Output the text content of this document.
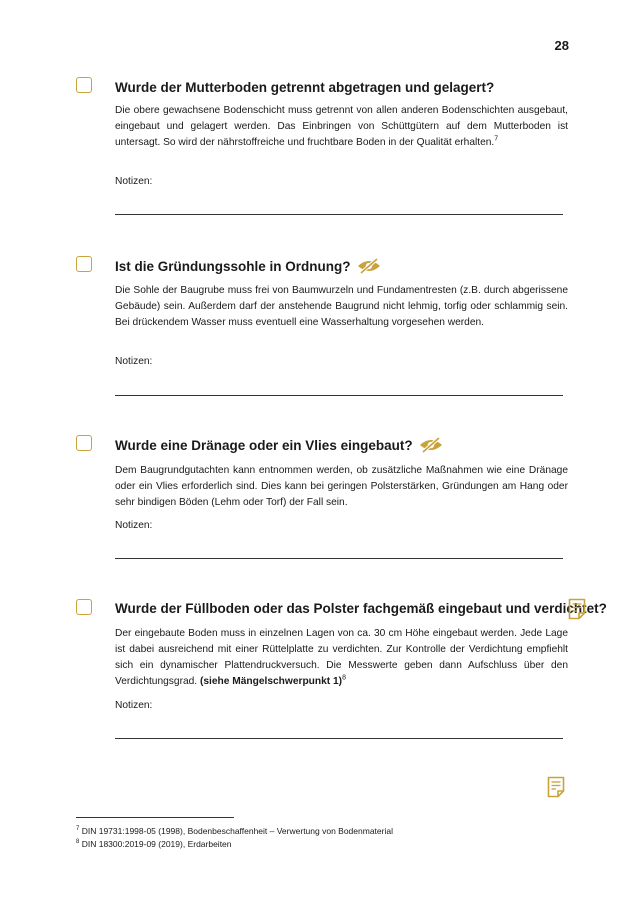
28
Wurde der Mutterboden getrennt abgetragen und gelagert?
Die obere gewachsene Bodenschicht muss getrennt von allen anderen Bodenschichten ausgebaut, eingebaut und gelagert werden. Das Einbringen von Schüttgütern auf dem Mutterboden ist untersagt. So wird der nährstoffreiche und fruchtbare Boden in der Qualität erhalten.$^7$
Notizen:
Ist die Gründungssohle in Ordnung?
Die Sohle der Baugrube muss frei von Baumwurzeln und Fundamentresten (z.B. durch abgerissene Gebäude) sein. Außerdem darf der anstehende Baugrund nicht lehmig, torfig oder schlammig sein. Bei drückendem Wasser muss eventuell eine Wasserhaltung vorgesehen werden.
Notizen:
Wurde eine Dränage oder ein Vlies eingebaut?
Dem Baugrundgutachten kann entnommen werden, ob zusätzliche Maßnahmen wie eine Dränage oder ein Vlies erforderlich sind. Dies kann bei geringen Polsterstärken, Gründungen am Hang oder sehr bindigen Böden (Lehm oder Torf) der Fall sein.
Notizen:
Wurde der Füllboden oder das Polster fachgemäß eingebaut und verdichtet?
Der eingebaute Boden muss in einzelnen Lagen von ca. 30 cm Höhe eingebaut werden. Jede Lage ist dabei ausreichend mit einer Rüttelplatte zu verdichten. Zur Kontrolle der Verdichtung empfiehlt sich ein dynamischer Plattendruckversuch. Die Messwerte geben dann Aufschluss über den Verdichtungsgrad. (siehe Mängelschwerpunkt 1)$^8$
Notizen:
$^7$ DIN 19731:1998-05 (1998), Bodenbeschaffenheit – Verwertung von Bodenmaterial
$^8$ DIN 18300:2019-09 (2019), Erdarbeiten
